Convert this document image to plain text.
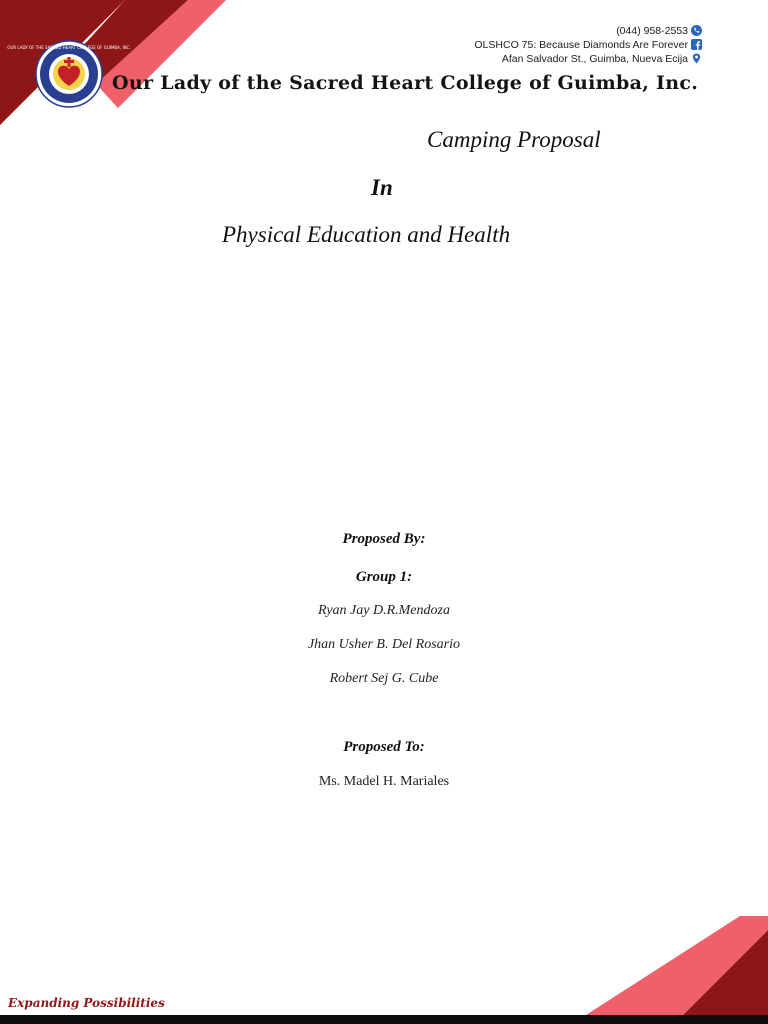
OUR LADY OF THE SACRED HEART COLLEGE OF GUIMBA, INC.
Our Lady of the Sacred Heart College of Guimba, Inc.
(044) 958-2553
OLSHCO 75: Because Diamonds Are Forever
Afan Salvador St., Guimba, Nueva Ecija
Camping Proposal
In
Physical Education and Health
Proposed By:
Group 1:
Ryan Jay D.R.Mendoza
Jhan Usher B. Del Rosario
Robert Sej G. Cube
Proposed To:
Ms. Madel H. Mariales
Expanding Possibilities
